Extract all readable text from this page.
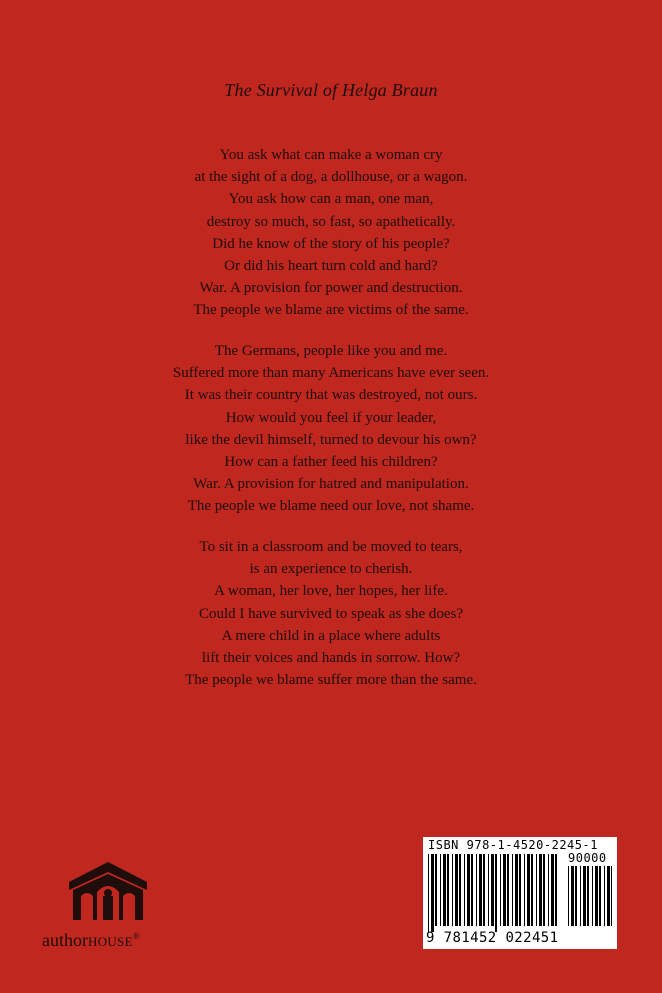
The Survival of Helga Braun
You ask what can make a woman cry
at the sight of a dog, a dollhouse, or a wagon.
You ask how can a man, one man,
destroy so much, so fast, so apathetically.
Did he know of the story of his people?
Or did his heart turn cold and hard?
War. A provision for power and destruction.
The people we blame are victims of the same.
The Germans, people like you and me.
Suffered more than many Americans have ever seen.
It was their country that was destroyed, not ours.
How would you feel if your leader,
like the devil himself, turned to devour his own?
How can a father feed his children?
War. A provision for hatred and manipulation.
The people we blame need our love, not shame.
To sit in a classroom and be moved to tears,
is an experience to cherish.
A woman, her love, her hopes, her life.
Could I have survived to speak as she does?
A mere child in a place where adults
lift their voices and hands in sorrow. How?
The people we blame suffer more than the same.
authorHOUSE®
ISBN 978-1-4520-2245-1
90000
9 781452 022451
